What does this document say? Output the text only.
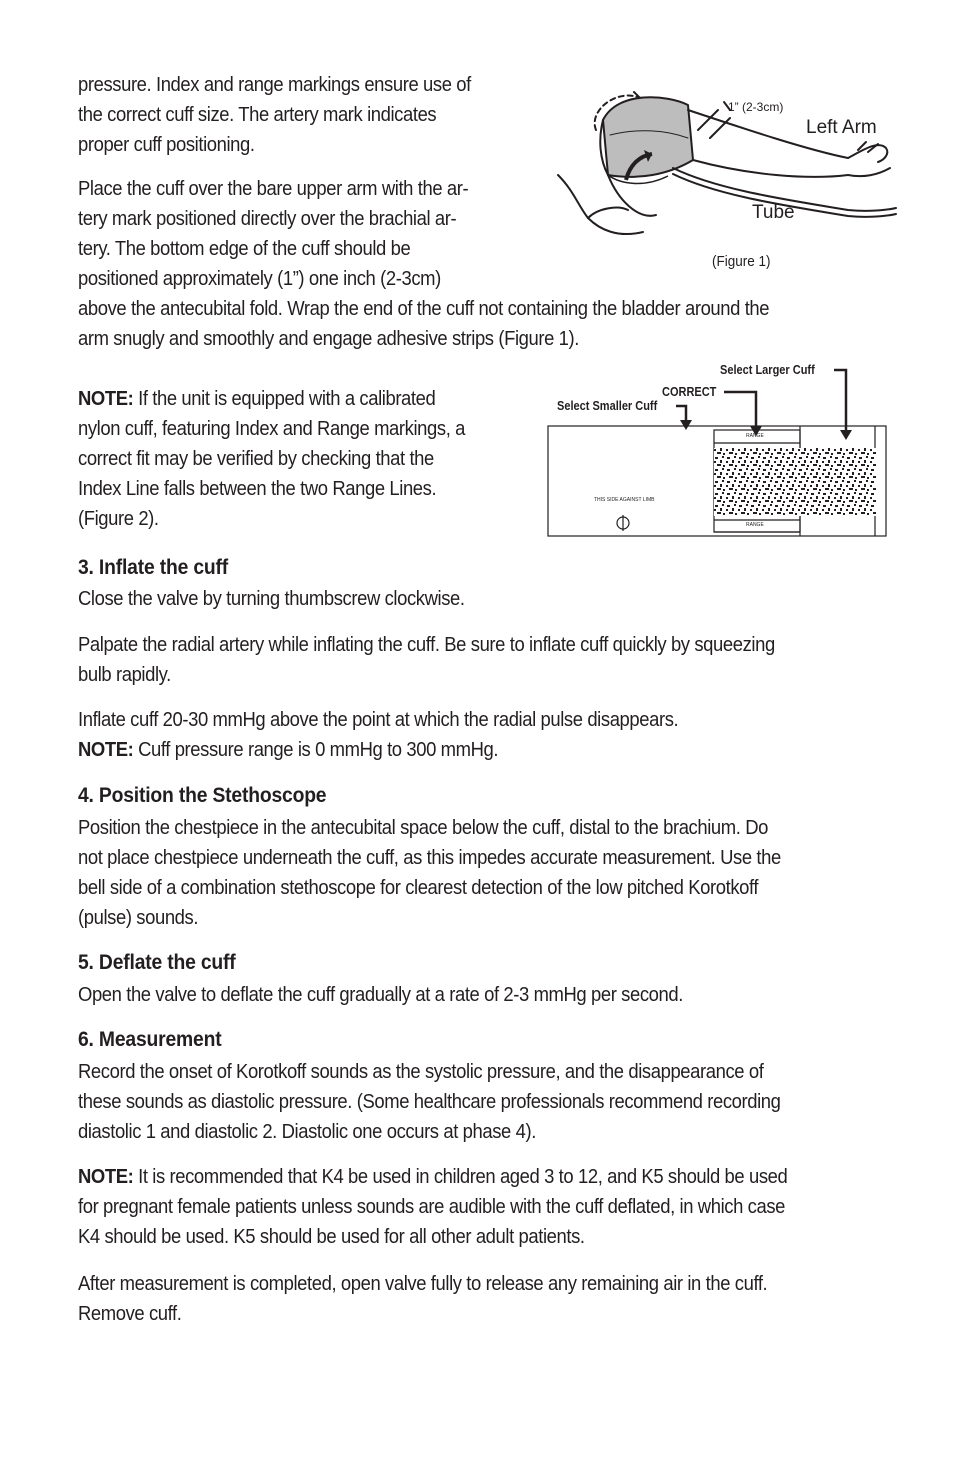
pressure. Index and range markings ensure use of
the correct cuff size. The artery mark indicates
proper cuff positioning.
Place the cuff over the bare upper arm with the ar-
tery mark positioned directly over the brachial ar-
tery. The bottom edge of the cuff should be
positioned approximately (1”) one inch (2-3cm)
above the antecubital fold. Wrap the end of the cuff not containing the bladder around the
arm snugly and smoothly and engage adhesive strips (Figure 1).
1” (2-3cm)
Left Arm
Tube
(Figure 1)
NOTE: If the unit is equipped with a calibrated
nylon cuff, featuring Index and Range markings, a
correct fit may be verified by checking that the
Index Line falls between the two Range Lines.
(Figure 2).
Select Larger Cuff
CORRECT
Select Smaller Cuff
RANGE
RANGE
THIS SIDE AGAINST LIMB
3. Inflate the cuff
Close the valve by turning thumbscrew clockwise.
Palpate the radial artery while inflating the cuff. Be sure to inflate cuff quickly by squeezing
bulb rapidly.
Inflate cuff 20-30 mmHg above the point at which the radial pulse disappears.
NOTE: Cuff pressure range is 0 mmHg to 300 mmHg.
4. Position the Stethoscope
Position the chestpiece in the antecubital space below the cuff, distal to the brachium. Do
not place chestpiece underneath the cuff, as this impedes accurate measurement. Use the
bell side of a combination stethoscope for clearest detection of the low pitched Korotkoff
(pulse) sounds.
5. Deflate the cuff
Open the valve to deflate the cuff gradually at a rate of 2-3 mmHg per second.
6. Measurement
Record the onset of Korotkoff sounds as the systolic pressure, and the disappearance of
these sounds as diastolic pressure. (Some healthcare professionals recommend recording
diastolic 1 and diastolic 2. Diastolic one occurs at phase 4).
NOTE: It is recommended that K4 be used in children aged 3 to 12, and K5 should be used
for pregnant female patients unless sounds are audible with the cuff deflated, in which case
K4 should be used. K5 should be used for all other adult patients.
After measurement is completed, open valve fully to release any remaining air in the cuff.
Remove cuff.
